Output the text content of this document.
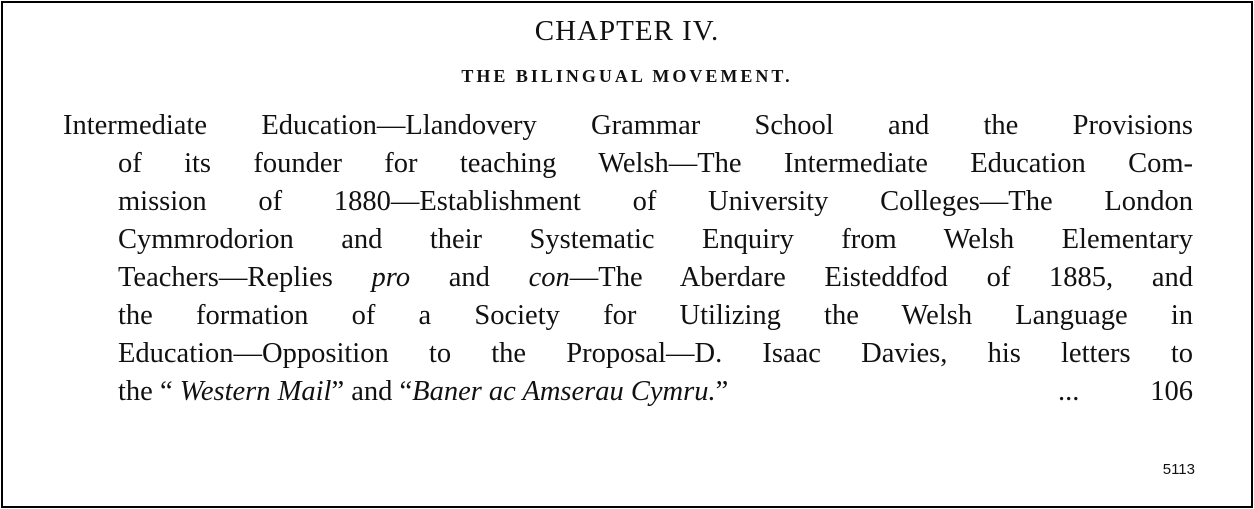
CHAPTER IV.
THE BILINGUAL MOVEMENT.
Intermediate Education—Llandovery Grammar School and the Provisions
of its founder for teaching Welsh—The Intermediate Education Com-
mission of 1880—Establishment of University Colleges—The London
Cymmrodorion and their Systematic Enquiry from Welsh Elementary
Teachers—Replies pro and con—The Aberdare Eisteddfod of 1885, and
the formation of a Society for Utilizing the Welsh Language in
Education—Opposition to the Proposal—D. Isaac Davies, his letters to
the “ Western Mail” and “Baner ac Amserau Cymru.”	...	106
5113
